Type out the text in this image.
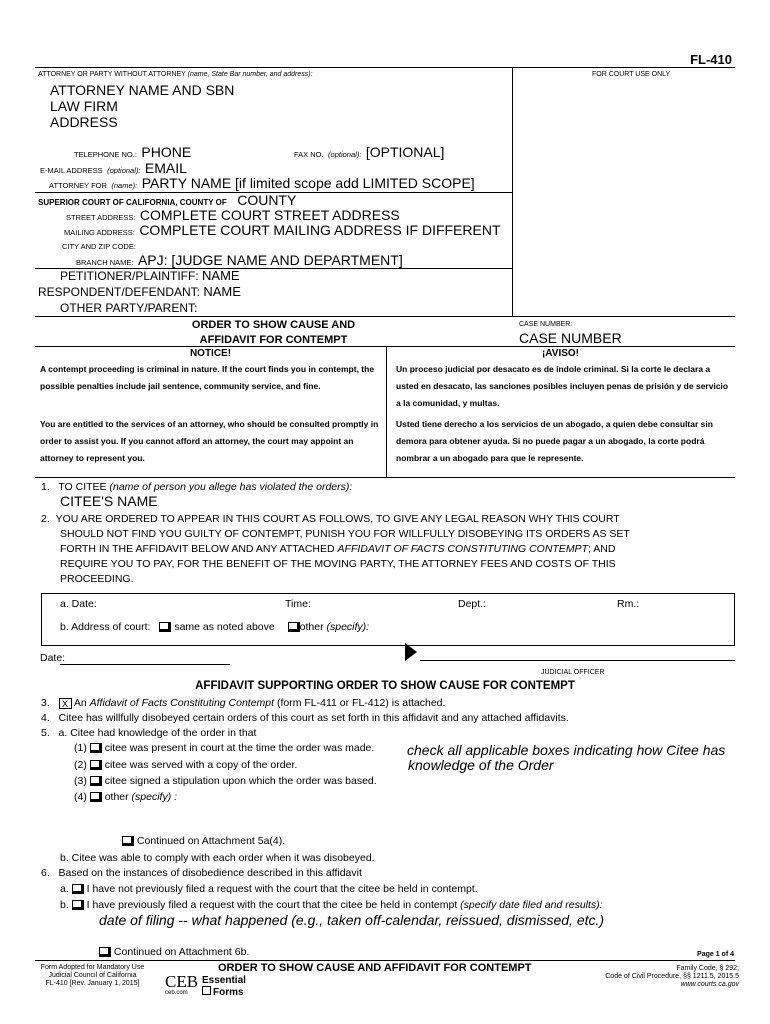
FL-410
ATTORNEY OR PARTY WITHOUT ATTORNEY (name, State Bar number, and address):	FOR COURT USE ONLY
ATTORNEY NAME AND SBN
LAW FIRM
ADDRESS
TELEPHONE NO.: PHONE	FAX NO. (optional): [OPTIONAL]
E-MAIL ADDRESS (optional): EMAIL
ATTORNEY FOR (name): PARTY NAME [if limited scope add LIMITED SCOPE]
SUPERIOR COURT OF CALIFORNIA, COUNTY OF COUNTY
STREET ADDRESS: COMPLETE COURT STREET ADDRESS
MAILING ADDRESS: COMPLETE COURT MAILING ADDRESS IF DIFFERENT
CITY AND ZIP CODE:
BRANCH NAME: APJ: [JUDGE NAME AND DEPARTMENT]
PETITIONER/PLAINTIFF: NAME
RESPONDENT/DEFENDANT: NAME
OTHER PARTY/PARENT:
ORDER TO SHOW CAUSE AND
AFFIDAVIT FOR CONTEMPT
CASE NUMBER:
CASE NUMBER
NOTICE!
A contempt proceeding is criminal in nature. If the court finds you in contempt, the possible penalties include jail sentence, community service, and fine.
You are entitled to the services of an attorney, who should be consulted promptly in order to assist you. If you cannot afford an attorney, the court may appoint an attorney to represent you.
¡AVISO!
Un proceso judicial por desacato es de índole criminal. Si la corte le declara a usted en desacato, las sanciones posibles incluyen penas de prisión y de servicio a la comunidad, y multas.
Usted tiene derecho a los servicios de un abogado, a quien debe consultar sin demora para obtener ayuda. Si no puede pagar a un abogado, la corte podrá nombrar a un abogado para que le represente.
1. TO CITEE (name of person you allege has violated the orders):
CITEE'S NAME
2. YOU ARE ORDERED TO APPEAR IN THIS COURT AS FOLLOWS, TO GIVE ANY LEGAL REASON WHY THIS COURT
SHOULD NOT FIND YOU GUILTY OF CONTEMPT, PUNISH YOU FOR WILLFULLY DISOBEYING ITS ORDERS AS SET
FORTH IN THE AFFIDAVIT BELOW AND ANY ATTACHED AFFIDAVIT OF FACTS CONSTITUTING CONTEMPT; AND
REQUIRE YOU TO PAY, FOR THE BENEFIT OF THE MOVING PARTY, THE ATTORNEY FEES AND COSTS OF THIS
PROCEEDING.
a. Date:	Time:	Dept.:	Rm.:
b. Address of court: same as noted above other (specify):
Date:
JUDICIAL OFFICER
AFFIDAVIT SUPPORTING ORDER TO SHOW CAUSE FOR CONTEMPT
3. X An Affidavit of Facts Constituting Contempt (form FL-411 or FL-412) is attached.
4. Citee has willfully disobeyed certain orders of this court as set forth in this affidavit and any attached affidavits.
5. a. Citee had knowledge of the order in that
(1) citee was present in court at the time the order was made.
(2) citee was served with a copy of the order.
(3) citee signed a stipulation upon which the order was based.
(4) other (specify) :
check all applicable boxes indicating how Citee has
knowledge of the Order
Continued on Attachment 5a(4).
b. Citee was able to comply with each order when it was disobeyed.
6. Based on the instances of disobedience described in this affidavit
a. I have not previously filed a request with the court that the citee be held in contempt.
b. I have previously filed a request with the court that the citee be held in contempt (specify date filed and results):
date of filing -- what happened (e.g., taken off-calendar, reissued, dismissed, etc.)
Continued on Attachment 6b.	Page 1 of 4
Form Adopted for Mandatory Use
Judicial Council of California
FL-410 [Rev. January 1, 2015]	CEB
ceb.com
Essential
Forms
ORDER TO SHOW CAUSE AND AFFIDAVIT FOR CONTEMPT	Family Code, § 292;
Code of Civil Procedure, §§ 1211.5, 2015.5
www.courts.ca.gov
